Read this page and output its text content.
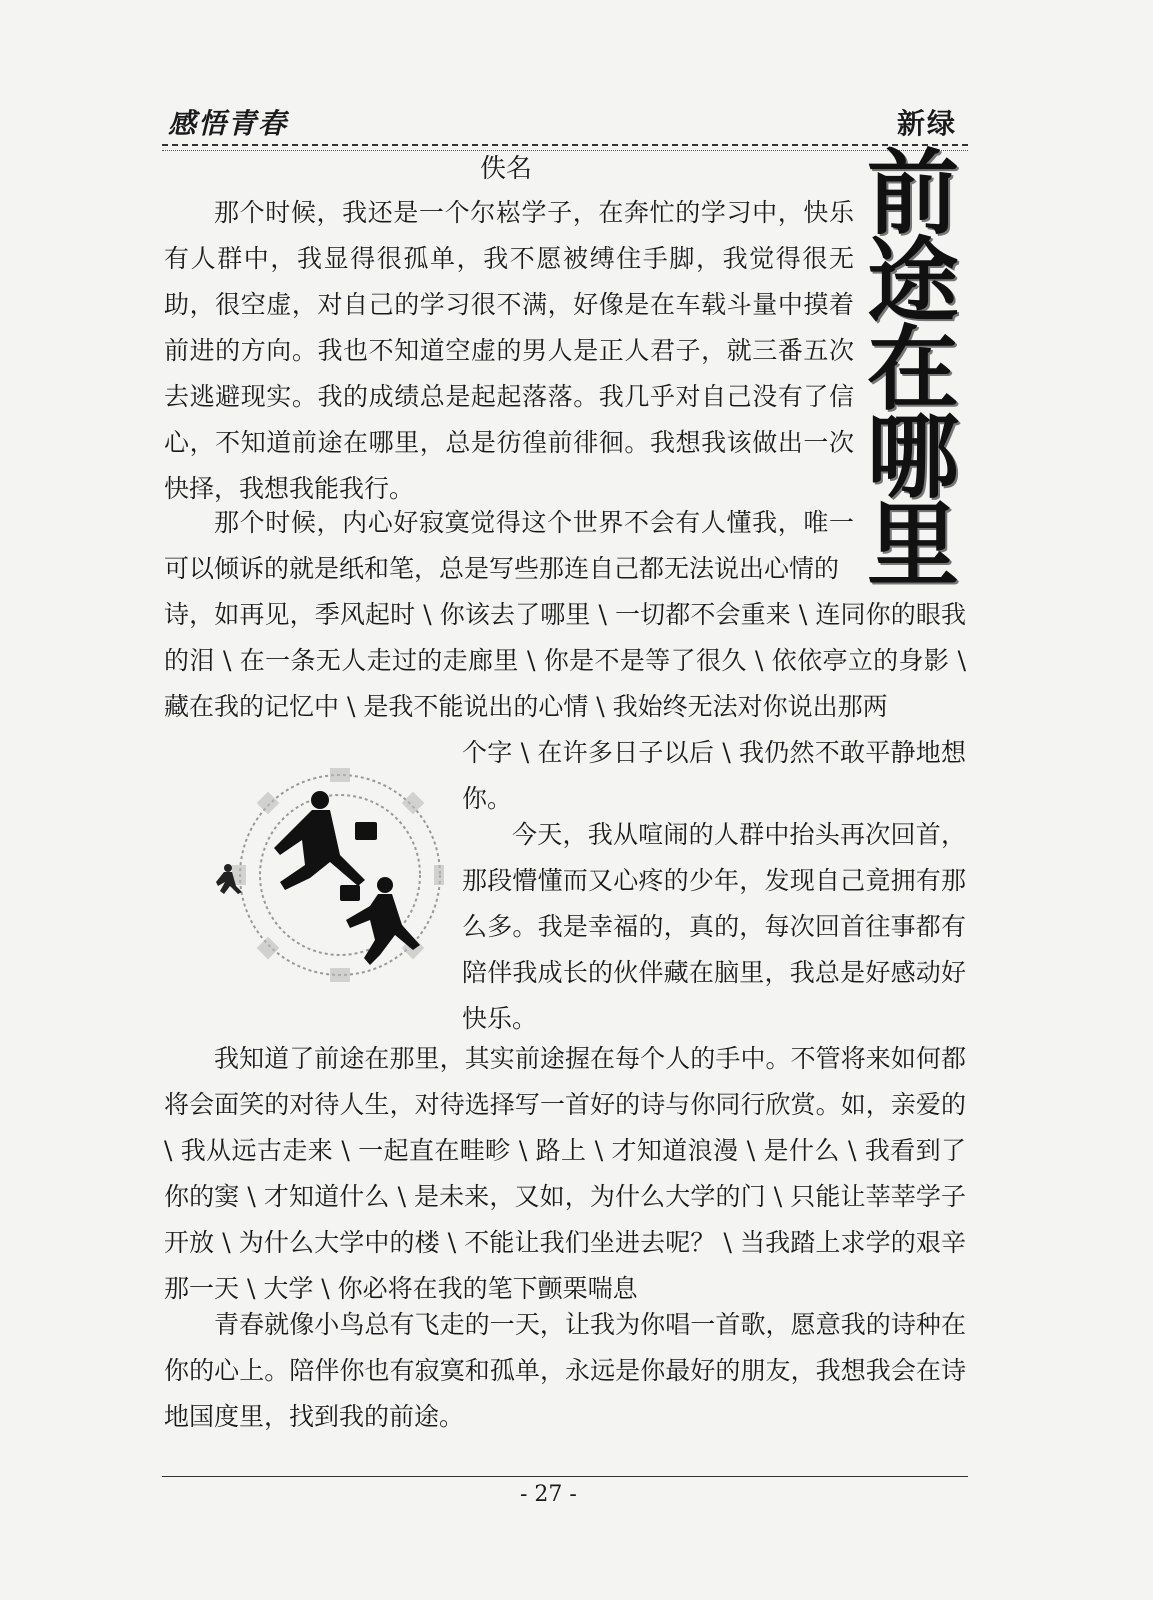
感悟青春	新绿
佚名	前
途
在
哪
里
那个时候，我还是一个尔崧学子，在奔忙的学习中，快乐有人群中，我显得很孤单，我不愿被缚住手脚，我觉得很无助，很空虚，对自己的学习很不满，好像是在车载斗量中摸着前进的方向。我也不知道空虚的男人是正人君子，就三番五次去逃避现实。我的成绩总是起起落落。我几乎对自己没有了信心，不知道前途在哪里，总是彷徨前徘徊。我想我该做出一次快择，我想我能我行。
那个时候，内心好寂寞觉得这个世界不会有人懂我，唯一可以倾诉的就是纸和笔，总是写些那连自己都无法说出心情的
诗，如再见，季风起时 \ 你该去了哪里 \ 一切都不会重来 \ 连同你的眼我的泪 \ 在一条无人走过的走廊里 \ 你是不是等了很久 \ 依依亭立的身影 \ 藏在我的记忆中 \ 是我不能说出的心情 \ 我始终无法对你说出那两
个字 \ 在许多日子以后 \ 我仍然不敢平静地想你。
今天，我从喧闹的人群中抬头再次回首，那段懵懂而又心疼的少年，发现自己竟拥有那么多。我是幸福的，真的，每次回首往事都有陪伴我成长的伙伴藏在脑里，我总是好感动好快乐。
我知道了前途在那里，其实前途握在每个人的手中。不管将来如何都将会面笑的对待人生，对待选择写一首好的诗与你同行欣赏。如，亲爱的 \ 我从远古走来 \ 一起直在畦畛 \ 路上 \ 才知道浪漫 \ 是什么 \ 我看到了你的窦 \ 才知道什么 \ 是未来，又如，为什么大学的门 \ 只能让莘莘学子开放 \ 为什么大学中的楼 \ 不能让我们坐进去呢？ \ 当我踏上求学的艰辛那一天 \ 大学 \ 你必将在我的笔下颤栗喘息
青春就像小鸟总有飞走的一天，让我为你唱一首歌，愿意我的诗种在你的心上。陪伴你也有寂寞和孤单，永远是你最好的朋友，我想我会在诗地国度里，找到我的前途。
- 27 -
